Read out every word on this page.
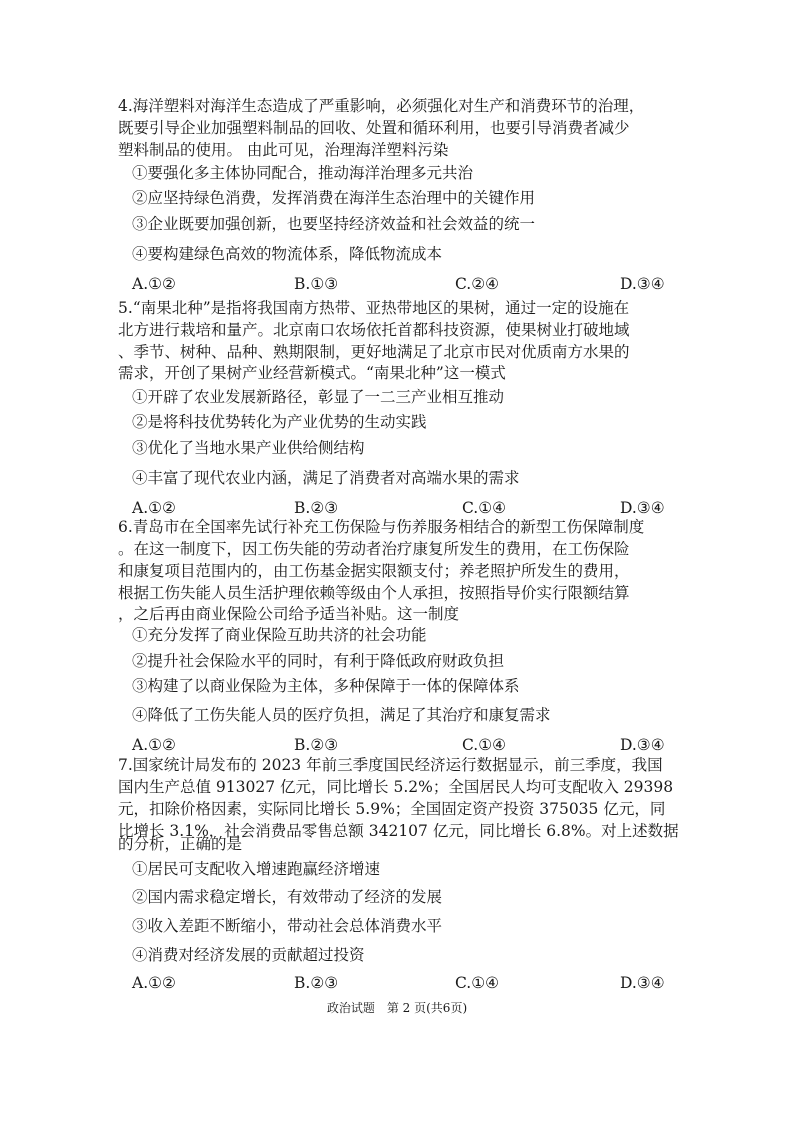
4.海洋塑料对海洋生态造成了严重影响，必须强化对生产和消费环节的治理，
既要引导企业加强塑料制品的回收、处置和循环利用，也要引导消费者减少
塑料制品的使用。 由此可见，治理海洋塑料污染
①要强化多主体协同配合，推动海洋治理多元共治
②应坚持绿色消费，发挥消费在海洋生态治理中的关键作用
③企业既要加强创新，也要坚持经济效益和社会效益的统一
④要构建绿色高效的物流体系，降低物流成本
A.①②	B.①③	C.②④	D.③④
5.“南果北种”是指将我国南方热带、亚热带地区的果树，通过一定的设施在
北方进行栽培和量产。北京南口农场依托首都科技资源，使果树业打破地域
、季节、树种、品种、熟期限制，更好地满足了北京市民对优质南方水果的
需求，开创了果树产业经营新模式。“南果北种”这一模式
①开辟了农业发展新路径，彰显了一二三产业相互推动
②是将科技优势转化为产业优势的生动实践
③优化了当地水果产业供给侧结构
④丰富了现代农业内涵，满足了消费者对高端水果的需求
A.①②	B.②③	C.①④	D.③④
6.青岛市在全国率先试行补充工伤保险与伤养服务相结合的新型工伤保障制度
。在这一制度下，因工伤失能的劳动者治疗康复所发生的费用，在工伤保险
和康复项目范围内的，由工伤基金据实限额支付；养老照护所发生的费用，
根据工伤失能人员生活护理依赖等级由个人承担，按照指导价实行限额结算
，之后再由商业保险公司给予适当补贴。这一制度
①充分发挥了商业保险互助共济的社会功能
②提升社会保险水平的同时，有利于降低政府财政负担
③构建了以商业保险为主体，多种保障于一体的保障体系
④降低了工伤失能人员的医疗负担，满足了其治疗和康复需求
A.①②	B.②③	C.①④	D.③④
7.国家统计局发布的 2023 年前三季度国民经济运行数据显示，前三季度，我国
国内生产总值 913027 亿元，同比增长 5.2%；全国居民人均可支配收入 29398
元，扣除价格因素，实际同比增长 5.9%；全国固定资产投资 375035 亿元，同
比增长 3.1%，社会消费品零售总额 342107 亿元，同比增长 6.8%。对上述数据
的分析，正确的是
①居民可支配收入增速跑赢经济增速
②国内需求稳定增长，有效带动了经济的发展
③收入差距不断缩小，带动社会总体消费水平
④消费对经济发展的贡献超过投资
A.①②	B.②③	C.①④	D.③④
政治试题　第 2 页(共6页)
